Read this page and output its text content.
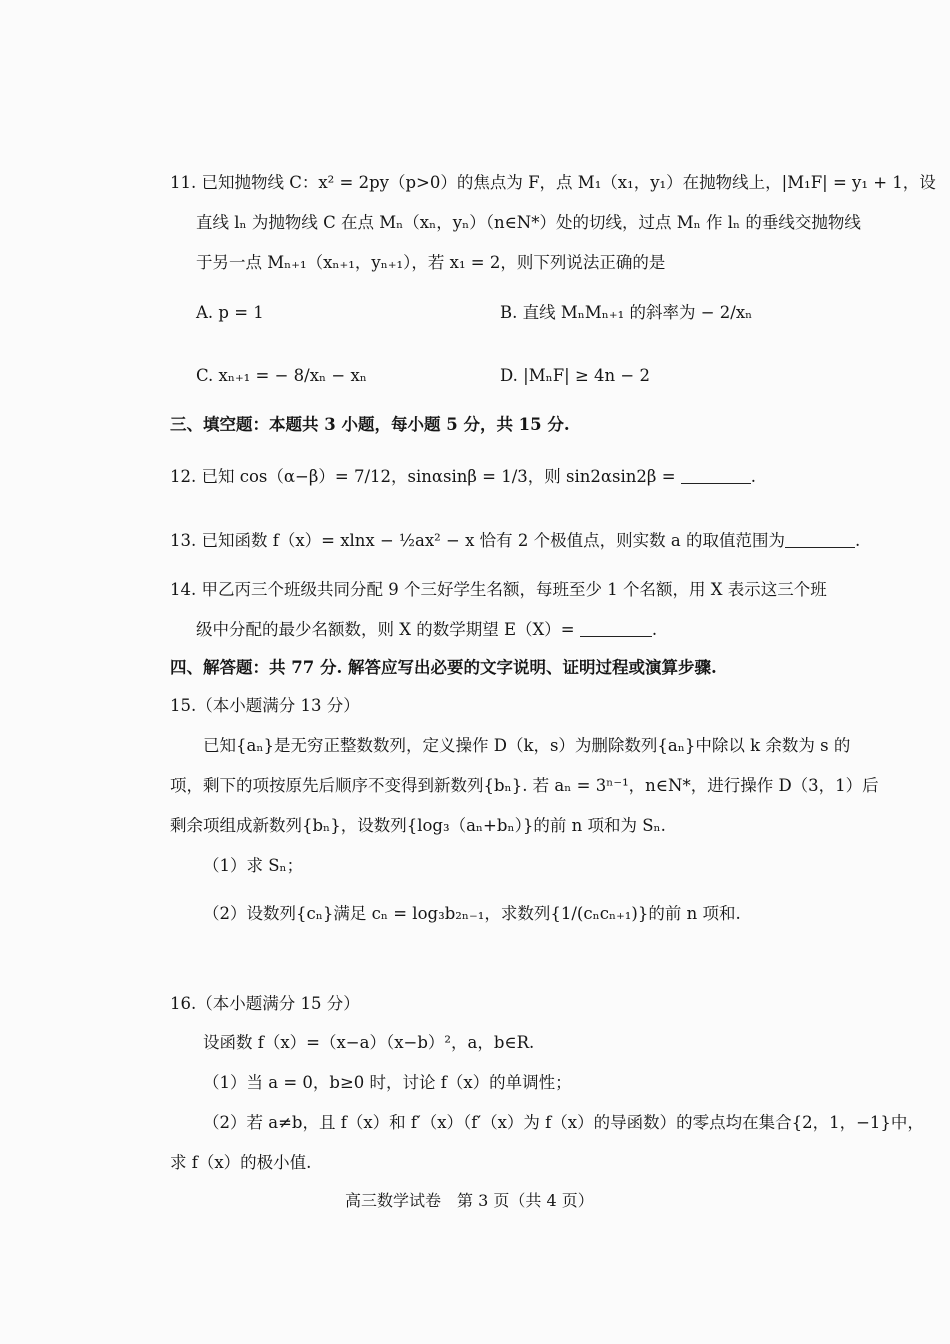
11. 已知抛物线 C：x² = 2py（p>0）的焦点为 F，点 M₁（x₁，y₁）在抛物线上，|M₁F| = y₁ + 1，设
直线 lₙ 为抛物线 C 在点 Mₙ（xₙ，yₙ）（n∈N*）处的切线，过点 Mₙ 作 lₙ 的垂线交抛物线
于另一点 Mₙ₊₁（xₙ₊₁，yₙ₊₁），若 x₁ = 2，则下列说法正确的是
A. p = 1	B. 直线 MₙMₙ₊₁ 的斜率为 − 2/xₙ
C. xₙ₊₁ = − 8/xₙ − xₙ	D. |MₙF| ≥ 4n − 2
三、填空题：本题共 3 小题，每小题 5 分，共 15 分.
12. 已知 cos（α−β）= 7/12，sinαsinβ = 1/3，则 sin2αsin2β =	.
13. 已知函数 f（x）= xlnx − ½ax² − x 恰有 2 个极值点，则实数 a 的取值范围为	.
14. 甲乙丙三个班级共同分配 9 个三好学生名额，每班至少 1 个名额，用 X 表示这三个班
级中分配的最少名额数，则 X 的数学期望 E（X）=	.
四、解答题：共 77 分. 解答应写出必要的文字说明、证明过程或演算步骤.
15.（本小题满分 13 分）
已知{aₙ}是无穷正整数数列，定义操作 D（k，s）为删除数列{aₙ}中除以 k 余数为 s 的
项，剩下的项按原先后顺序不变得到新数列{bₙ}. 若 aₙ = 3ⁿ⁻¹，n∈N*，进行操作 D（3，1）后
剩余项组成新数列{bₙ}，设数列{log₃（aₙ+bₙ）}的前 n 项和为 Sₙ.
（1）求 Sₙ；
（2）设数列{cₙ}满足 cₙ = log₃b₂ₙ₋₁，求数列{1/(cₙcₙ₊₁)}的前 n 项和.
16.（本小题满分 15 分）
设函数 f（x）=（x−a）（x−b）²，a，b∈R.
（1）当 a = 0，b≥0 时，讨论 f（x）的单调性；
（2）若 a≠b，且 f（x）和 f′（x）（f′（x）为 f（x）的导函数）的零点均在集合{2，1，−1}中，
求 f（x）的极小值.
高三数学试卷　第 3 页（共 4 页）
